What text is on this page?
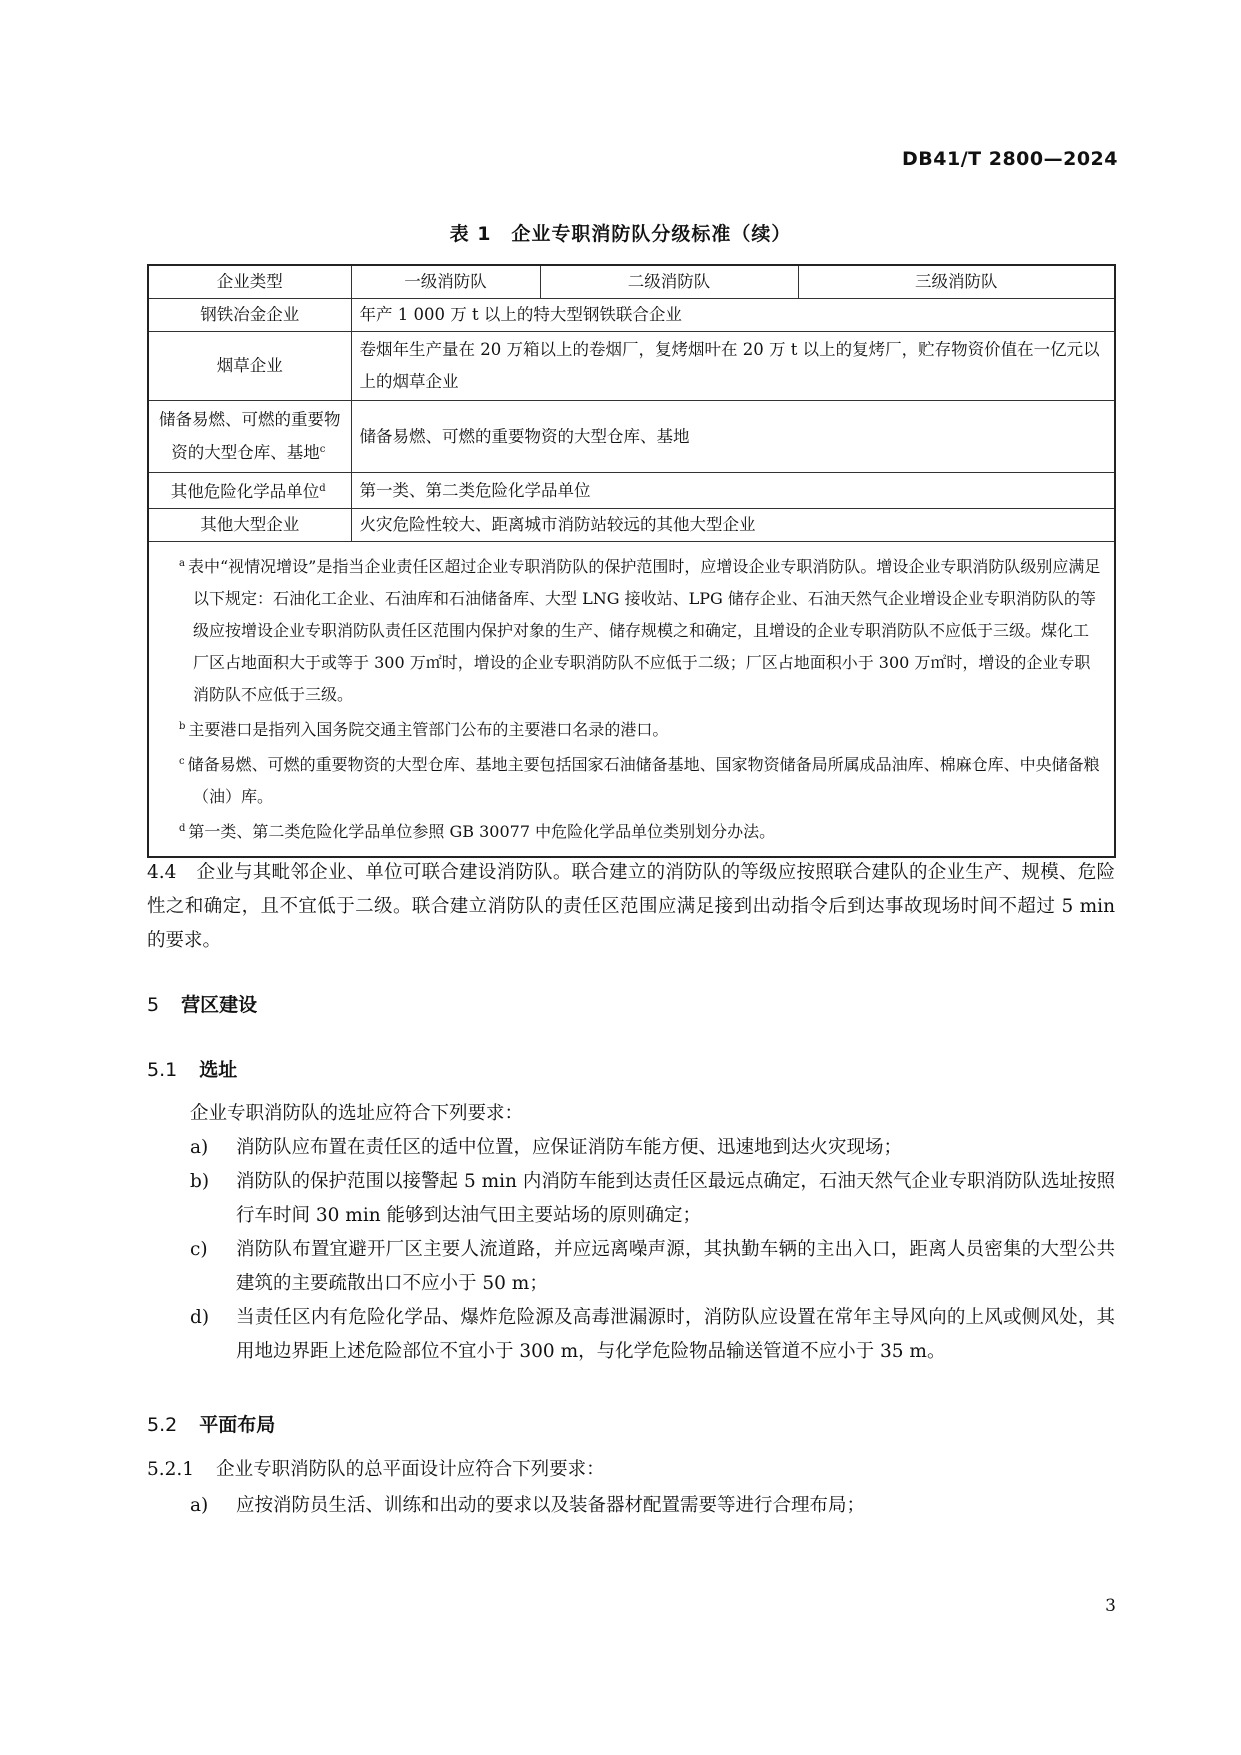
DB41/T 2800—2024
表 1　企业专职消防队分级标准（续）
企业类型	一级消防队	二级消防队	三级消防队
钢铁冶金企业	年产 1 000 万 t 以上的特大型钢铁联合企业		
烟草企业	卷烟年生产量在 20 万箱以上的卷烟厂，复烤烟叶在 20 万 t 以上的复烤厂，贮存物资价值在一亿元以上的烟草企业		
储备易燃、可燃的重要物资的大型仓库、基地$^c$	储备易燃、可燃的重要物资的大型仓库、基地		
其他危险化学品单位$^d$	第一类、第二类危险化学品单位		
其他大型企业	火灾危险性较大、距离城市消防站较远的其他大型企业		

$^a$ 表中“视情况增设”是指当企业责任区超过企业专职消防队的保护范围时，应增设企业专职消防队。增设企业专职消防队级别应满足以下规定：石油化工企业、石油库和石油储备库、大型 LNG 接收站、LPG 储存企业、石油天然气企业增设企业专职消防队的等级应按增设企业专职消防队责任区范围内保护对象的生产、储存规模之和确定，且增设的企业专职消防队不应低于三级。煤化工厂区占地面积大于或等于 300 万㎡时，增设的企业专职消防队不应低于二级；厂区占地面积小于 300 万㎡时，增设的企业专职消防队不应低于三级。
$^b$ 主要港口是指列入国务院交通主管部门公布的主要港口名录的港口。
$^c$ 储备易燃、可燃的重要物资的大型仓库、基地主要包括国家石油储备基地、国家物资储备局所属成品油库、棉麻仓库、中央储备粮（油）库。
$^d$ 第一类、第二类危险化学品单位参照 GB 30077 中危险化学品单位类别划分办法。			
4.4 企业与其毗邻企业、单位可联合建设消防队。联合建立的消防队的等级应按照联合建队的企业生产、规模、危险性之和确定，且不宜低于二级。联合建立消防队的责任区范围应满足接到出动指令后到达事故现场时间不超过 5 min 的要求。
5 营区建设
5.1 选址
企业专职消防队的选址应符合下列要求：
a)	消防队应布置在责任区的适中位置，应保证消防车能方便、迅速地到达火灾现场；
b)	消防队的保护范围以接警起 5 min 内消防车能到达责任区最远点确定，石油天然气企业专职消防队选址按照行车时间 30 min 能够到达油气田主要站场的原则确定；
c)	消防队布置宜避开厂区主要人流道路，并应远离噪声源，其执勤车辆的主出入口，距离人员密集的大型公共建筑的主要疏散出口不应小于 50 m；
d)	当责任区内有危险化学品、爆炸危险源及高毒泄漏源时，消防队应设置在常年主导风向的上风或侧风处，其用地边界距上述危险部位不宜小于 300 m，与化学危险物品输送管道不应小于 35 m。
5.2 平面布局
5.2.1 企业专职消防队的总平面设计应符合下列要求：
a)	应按消防员生活、训练和出动的要求以及装备器材配置需要等进行合理布局；
3
